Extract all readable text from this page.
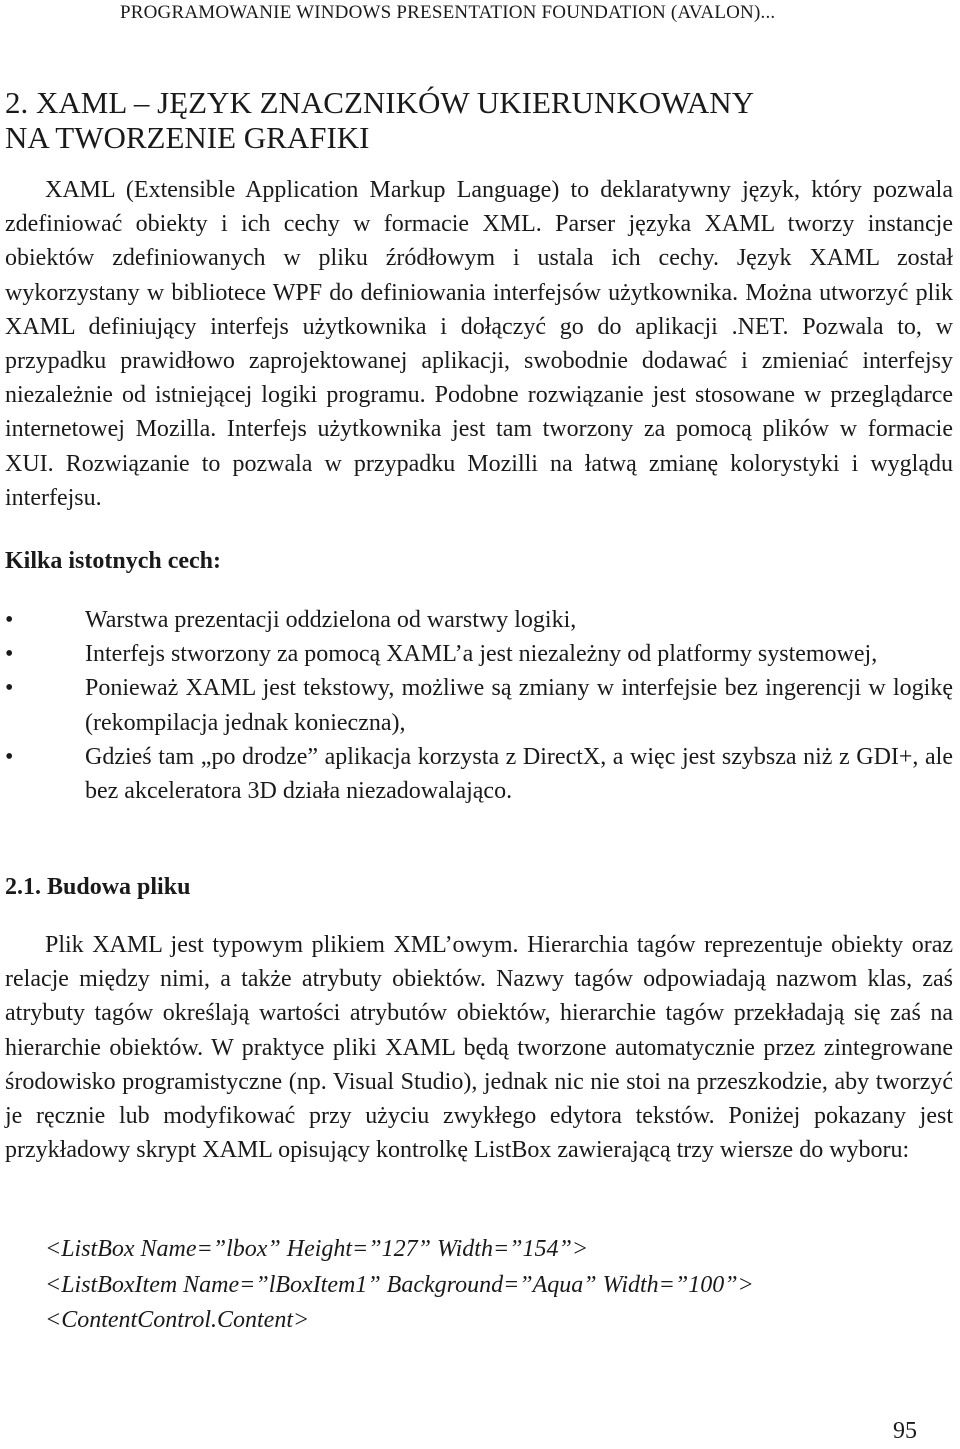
PROGRAMOWANIE WINDOWS PRESENTATION FOUNDATION (AVALON)...
2. XAML – JĘZYK ZNACZNIKÓW UKIERUNKOWANY
NA TWORZENIE GRAFIKI

XAML (Extensible Application Markup Language) to deklaratywny język, który pozwala zdefiniować obiekty i ich cechy w formacie XML. Parser języka XAML tworzy instancje obiektów zdefiniowanych w pliku źródłowym i ustala ich cechy. Język XAML został wykorzystany w bibliotece WPF do definiowania interfejsów użytkownika. Można utworzyć plik XAML definiujący interfejs użytkownika i dołączyć go do aplikacji .NET. Pozwala to, w przypadku prawidłowo zaprojektowanej aplikacji, swobodnie dodawać i zmieniać interfejsy niezależnie od istniejącej logiki programu. Podobne rozwiązanie jest stosowane w przeglądarce internetowej Mozilla. Interfejs użytkownika jest tam tworzony za pomocą plików w formacie XUI. Rozwiązanie to pozwala w przypadku Mozilli na łatwą zmianę kolorystyki i wyglądu interfejsu.

Kilka istotnych cech:
•	Warstwa prezentacji oddzielona od warstwy logiki,
•	Interfejs stworzony za pomocą XAML’a jest niezależny od platformy systemowej,
•	Ponieważ XAML jest tekstowy, możliwe są zmiany w interfejsie bez ingerencji w logikę (rekompilacja jednak konieczna),
•	Gdzieś tam „po drodze” aplikacja korzysta z DirectX, a więc jest szybsza niż z GDI+, ale bez akceleratora 3D działa niezadowalająco.
2.1. Budowa pliku

Plik XAML jest typowym plikiem XML’owym. Hierarchia tagów reprezentuje obiekty oraz relacje między nimi, a także atrybuty obiektów. Nazwy tagów odpowiadają nazwom klas, zaś atrybuty tagów określają wartości atrybutów obiektów, hierarchie tagów przekładają się zaś na hierarchie obiektów. W praktyce pliki XAML będą tworzone automatycznie przez zintegrowane środowisko programistyczne (np. Visual Studio), jednak nic nie stoi na przeszkodzie, aby tworzyć je ręcznie lub modyfikować przy użyciu zwykłego edytora tekstów. Poniżej pokazany jest przykładowy skrypt XAML opisujący kontrolkę ListBox zawierającą trzy wiersze do wyboru:

<ListBox Name=”lbox” Height=”127” Width=”154”>
<ListBoxItem Name=”lBoxItem1” Background=”Aqua” Width=”100”>
<ContentControl.Content>
95
